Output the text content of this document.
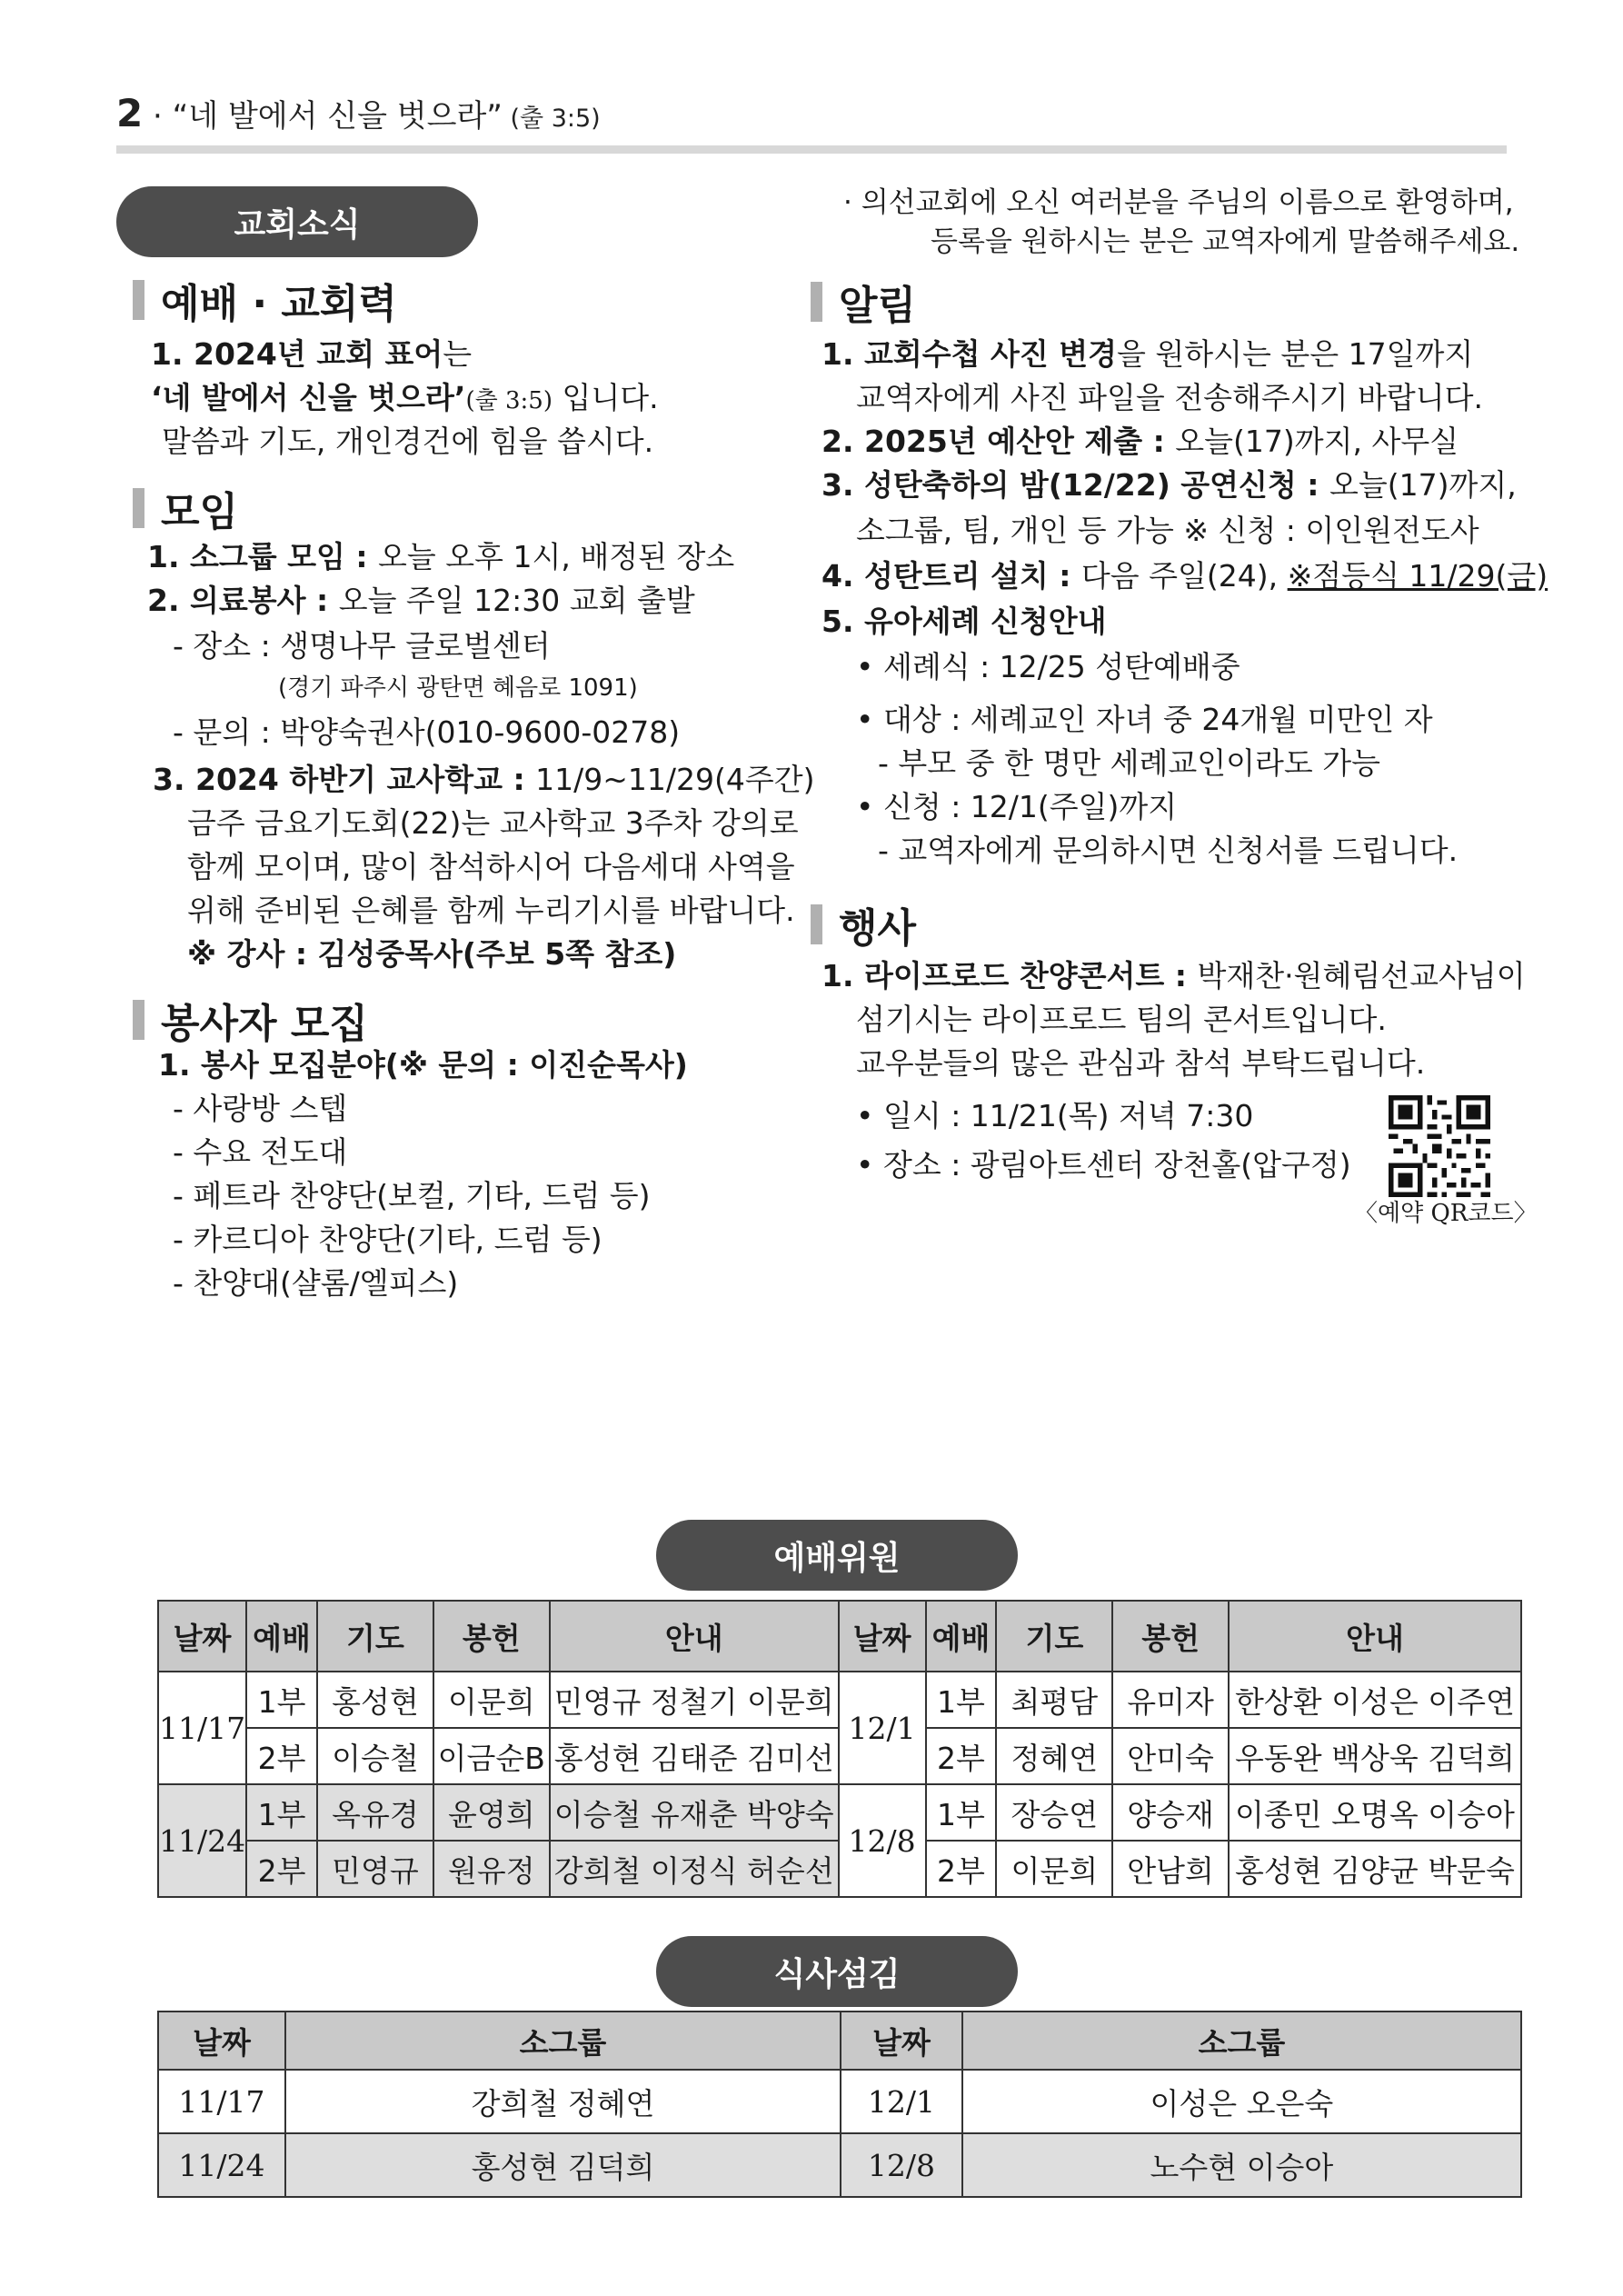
2 · “네 발에서 신을 벗으라” (출 3:5)
교회소식
예배 · 교회력
1. 2024년 교회 표어는
‘네 발에서 신을 벗으라’(출 3:5) 입니다.
말씀과 기도, 개인경건에 힘을 씁시다.
모임
1. 소그룹 모임 : 오늘 오후 1시, 배정된 장소
2. 의료봉사 : 오늘 주일 12:30 교회 출발
- 장소 : 생명나무 글로벌센터
(경기 파주시 광탄면 혜음로 1091)
- 문의 : 박양숙권사(010-9600-0278)
3. 2024 하반기 교사학교 : 11/9~11/29(4주간)
금주 금요기도회(22)는 교사학교 3주차 강의로
함께 모이며, 많이 참석하시어 다음세대 사역을
위해 준비된 은혜를 함께 누리기시를 바랍니다.
※ 강사 : 김성중목사(주보 5쪽 참조)
봉사자 모집
1. 봉사 모집분야(※ 문의 : 이진순목사)
- 사랑방 스텝
- 수요 전도대
- 페트라 찬양단(보컬, 기타, 드럼 등)
- 카르디아 찬양단(기타, 드럼 등)
- 찬양대(샬롬/엘피스)
· 의선교회에 오신 여러분을 주님의 이름으로 환영하며,
등록을 원하시는 분은 교역자에게 말씀해주세요.
알림
1. 교회수첩 사진 변경을 원하시는 분은 17일까지
교역자에게 사진 파일을 전송해주시기 바랍니다.
2. 2025년 예산안 제출 : 오늘(17)까지, 사무실
3. 성탄축하의 밤(12/22) 공연신청 : 오늘(17)까지,
소그룹, 팀, 개인 등 가능 ※ 신청 : 이인원전도사
4. 성탄트리 설치 : 다음 주일(24), ※점등식 11/29(금)
5. 유아세례 신청안내
• 세례식 : 12/25 성탄예배중
• 대상 : 세례교인 자녀 중 24개월 미만인 자
- 부모 중 한 명만 세례교인이라도 가능
• 신청 : 12/1(주일)까지
- 교역자에게 문의하시면 신청서를 드립니다.
행사
1. 라이프로드 찬양콘서트 : 박재찬·원혜림선교사님이
섬기시는 라이프로드 팀의 콘서트입니다.
교우분들의 많은 관심과 참석 부탁드립니다.
• 일시 : 11/21(목) 저녁 7:30
• 장소 : 광림아트센터 장천홀(압구정)
〈예약 QR코드〉
예배위원
날짜	예배	기도	봉헌	안내	날짜	예배	기도	봉헌	안내
11/17	1부	홍성현	이문희	민영규 정철기 이문희	12/1	1부	최평담	유미자	한상환 이성은 이주연
	2부	이승철	이금순B	홍성현 김태준 김미선		2부	정혜연	안미숙	우동완 백상욱 김덕희
11/24	1부	옥유경	윤영희	이승철 유재춘 박양숙	12/8	1부	장승연	양승재	이종민 오명옥 이승아
	2부	민영규	원유정	강희철 이정식 허순선		2부	이문희	안남희	홍성현 김양균 박문숙
식사섬김
날짜	소그룹	날짜	소그룹
11/17	강희철 정혜연	12/1	이성은 오은숙
11/24	홍성현 김덕희	12/8	노수현 이승아
